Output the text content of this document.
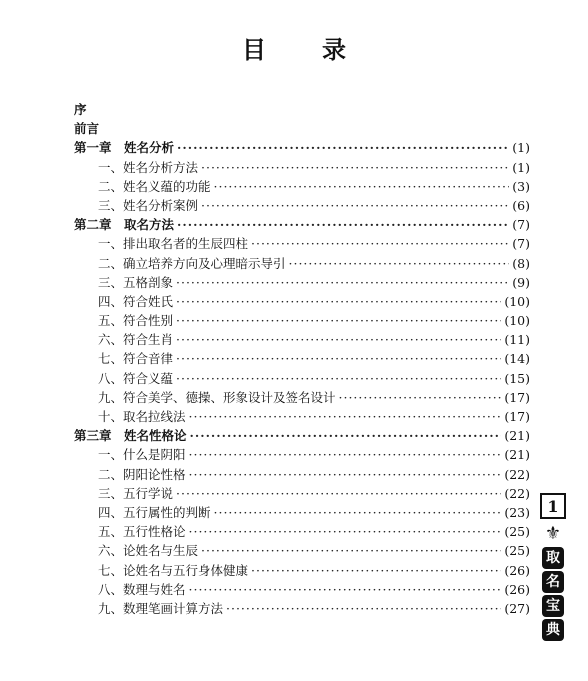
目　录
序
前言
第一章　姓名分析 ·····	(1)
一、姓名分析方法 ·····	(1)
二、姓名义蕴的功能 ·····	(3)
三、姓名分析案例 ·····	(6)
第二章　取名方法 ·····	(7)
一、排出取名者的生辰四柱 ·····	(7)
二、确立培养方向及心理暗示导引 ·····	(8)
三、五格剖象 ·····	(9)
四、符合姓氏 ·····	(10)
五、符合性别 ·····	(10)
六、符合生肖 ·····	(11)
七、符合音律 ·····	(14)
八、符合义蕴 ·····	(15)
九、符合美学、德操、形象设计及签名设计 ·····	(17)
十、取名拉线法 ·····	(17)
第三章　姓名性格论 ·····	(21)
一、什么是阴阳 ·····	(21)
二、阴阳论性格 ·····	(22)
三、五行学说 ·····	(22)
四、五行属性的判断 ·····	(23)
五、五行性格论 ·····	(25)
六、论姓名与生辰 ·····	(25)
七、论姓名与五行身体健康 ·····	(26)
八、数理与姓名 ·····	(26)
九、数理笔画计算方法 ·····	(27)
1
⚜
取
名
宝
典
